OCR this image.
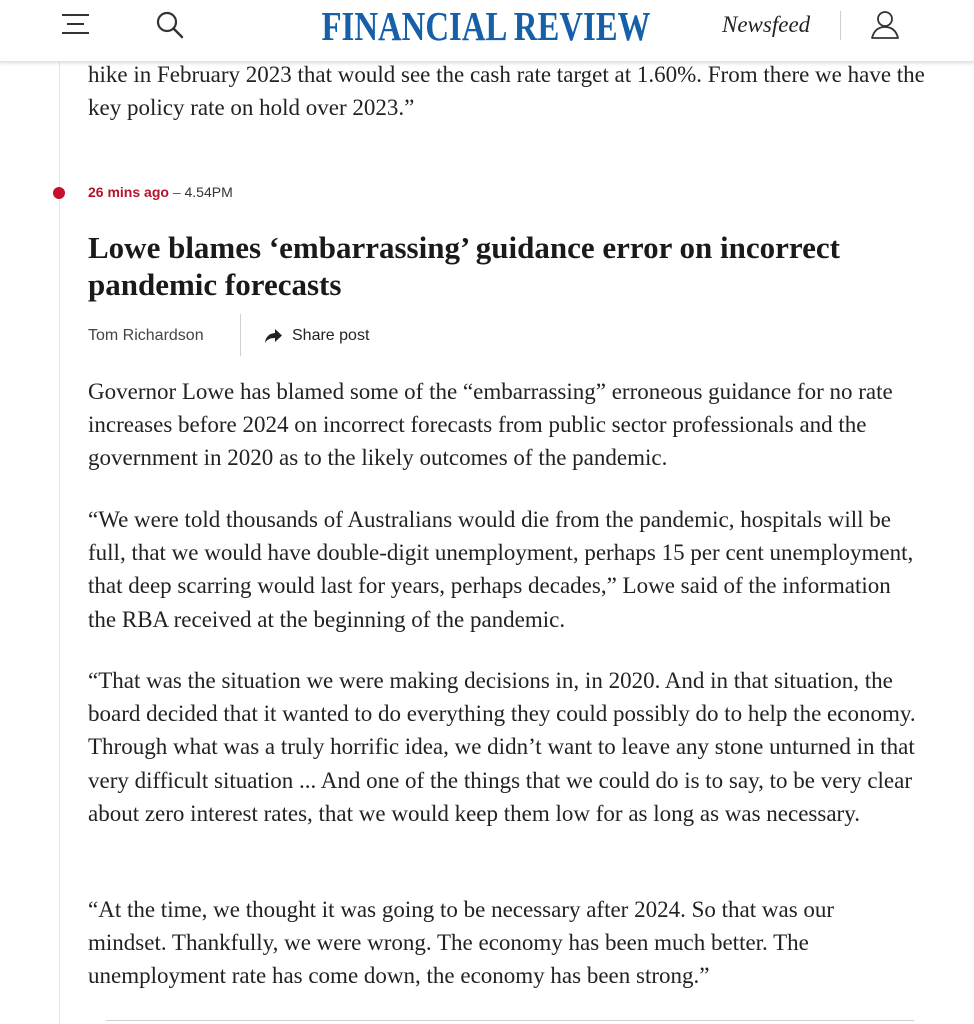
FINANCIAL REVIEW	Newsfeed

hike in February 2023 that would see the cash rate target at 1.60%. From there we have the key policy rate on hold over 2023.”

26 mins ago – 4.54PM
Lowe blames ‘embarrassing’ guidance error on incorrect pandemic forecasts
Tom Richardson	Share post

Governor Lowe has blamed some of the “embarrassing” erroneous guidance for no rate increases before 2024 on incorrect forecasts from public sector professionals and the government in 2020 as to the likely outcomes of the pandemic.

“We were told thousands of Australians would die from the pandemic, hospitals will be full, that we would have double-digit unemployment, perhaps 15 per cent unemployment, that deep scarring would last for years, perhaps decades,” Lowe said of the information the RBA received at the beginning of the pandemic.

“That was the situation we were making decisions in, in 2020. And in that situation, the board decided that it wanted to do everything they could possibly do to help the economy. Through what was a truly horrific idea, we didn’t want to leave any stone unturned in that very difficult situation ... And one of the things that we could do is to say, to be very clear about zero interest rates, that we would keep them low for as long as was necessary.

“At the time, we thought it was going to be necessary after 2024. So that was our mindset. Thankfully, we were wrong. The economy has been much better. The unemployment rate has come down, the economy has been strong.”
